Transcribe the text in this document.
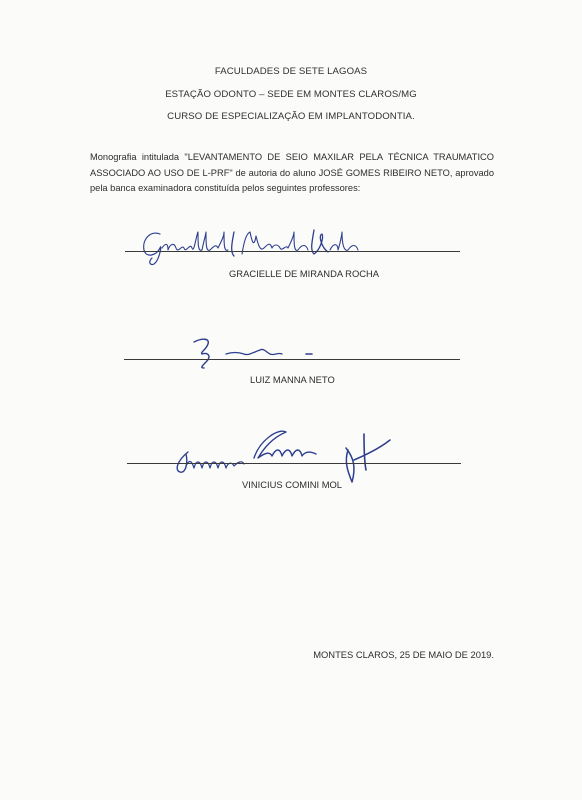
FACULDADES DE SETE LAGOAS
ESTAÇÃO ODONTO – SEDE EM MONTES CLAROS/MG
CURSO DE ESPECIALIZAÇÃO EM IMPLANTODONTIA.
Monografia intitulada "LEVANTAMENTO DE SEIO MAXILAR PELA TÉCNICA TRAUMATICO ASSOCIADO AO USO DE L-PRF" de autoria do aluno JOSÉ GOMES RIBEIRO NETO, aprovado pela banca examinadora constituída pelos seguintes professores:
GRACIELLE DE MIRANDA ROCHA
LUIZ MANNA NETO
VINICIUS COMINI MOL
MONTES CLAROS, 25 DE MAIO DE 2019.
